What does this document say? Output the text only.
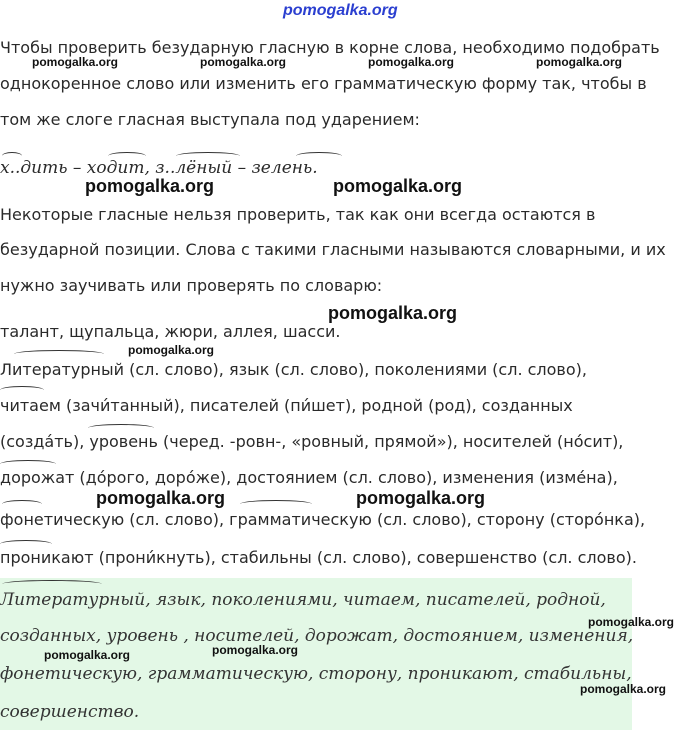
pomogalka.org
Чтобы проверить безударную гласную в корне слова, необходимо подобрать
однокоренное слово или изменить его грамматическую форму так, чтобы в
том же слоге гласная выступала под ударением:
pomogalka.org	pomogalka.org	pomogalka.org	pomogalka.org
х..дить – ходит, з..лёный – зелень.
pomogalka.org	pomogalka.org
Некоторые гласные нельзя проверить, так как они всегда остаются в
безударной позиции. Слова с такими гласными называются словарными, и их
нужно заучивать или проверять по словарю:
pomogalka.org
талант, щупальца, жюри, аллея, шасси.
pomogalka.org
Литературный (сл. слово), язык (сл. слово), поколениями (сл. слово),
читаем (зачи́танный), писателей (пи́шет), родной (род), созданных
(созда́ть), уровень (черед. -ровн-, «ровный, прямой»), носителей (но́сит),
дорожат (до́рого, доро́же), достоянием (сл. слово), изменения (изме́на),
pomogalka.org	pomogalka.org
фонетическую (сл. слово), грамматическую (сл. слово), сторону (сторо́нка),
проникают (прони́кнуть), стабильны (сл. слово), совершенство (сл. слово).
Литературный, язык, поколениями, читаем, писателей, родной,
созданных, уровень , носителей, дорожат, достоянием, изменения,
фонетическую, грамматическую, сторону, проникают, стабильны,
совершенство.
pomogalka.org
pomogalka.org	pomogalka.org
pomogalka.org
